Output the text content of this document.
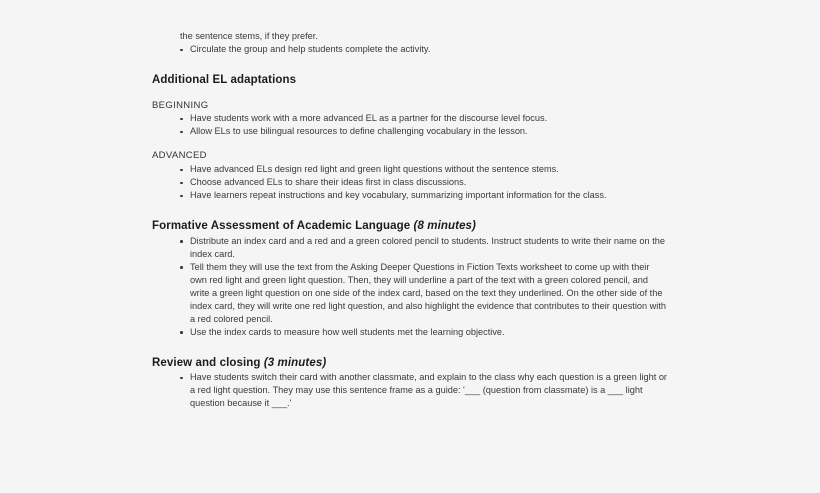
the sentence stems, if they prefer.

Circulate the group and help students complete the activity.
Additional EL adaptations

BEGINNING

Have students work with a more advanced EL as a partner for the discourse level focus.
Allow ELs to use bilingual resources to define challenging vocabulary in the lesson.

ADVANCED

Have advanced ELs design red light and green light questions without the sentence stems.
Choose advanced ELs to share their ideas first in class discussions.
Have learners repeat instructions and key vocabulary, summarizing important information for the class.
Formative Assessment of Academic Language (8 minutes)
Distribute an index card and a red and a green colored pencil to students. Instruct students to write their name on the index card.
Tell them they will use the text from the Asking Deeper Questions in Fiction Texts worksheet to come up with their own red light and green light question. Then, they will underline a part of the text with a green colored pencil, and write a green light question on one side of the index card, based on the text they underlined. On the other side of the index card, they will write one red light question, and also highlight the evidence that contributes to their question with a red colored pencil.
Use the index cards to measure how well students met the learning objective.
Review and closing (3 minutes)
Have students switch their card with another classmate, and explain to the class why each question is a green light or a red light question. They may use this sentence frame as a guide: '___ (question from classmate) is a ___ light question because it ___.'
